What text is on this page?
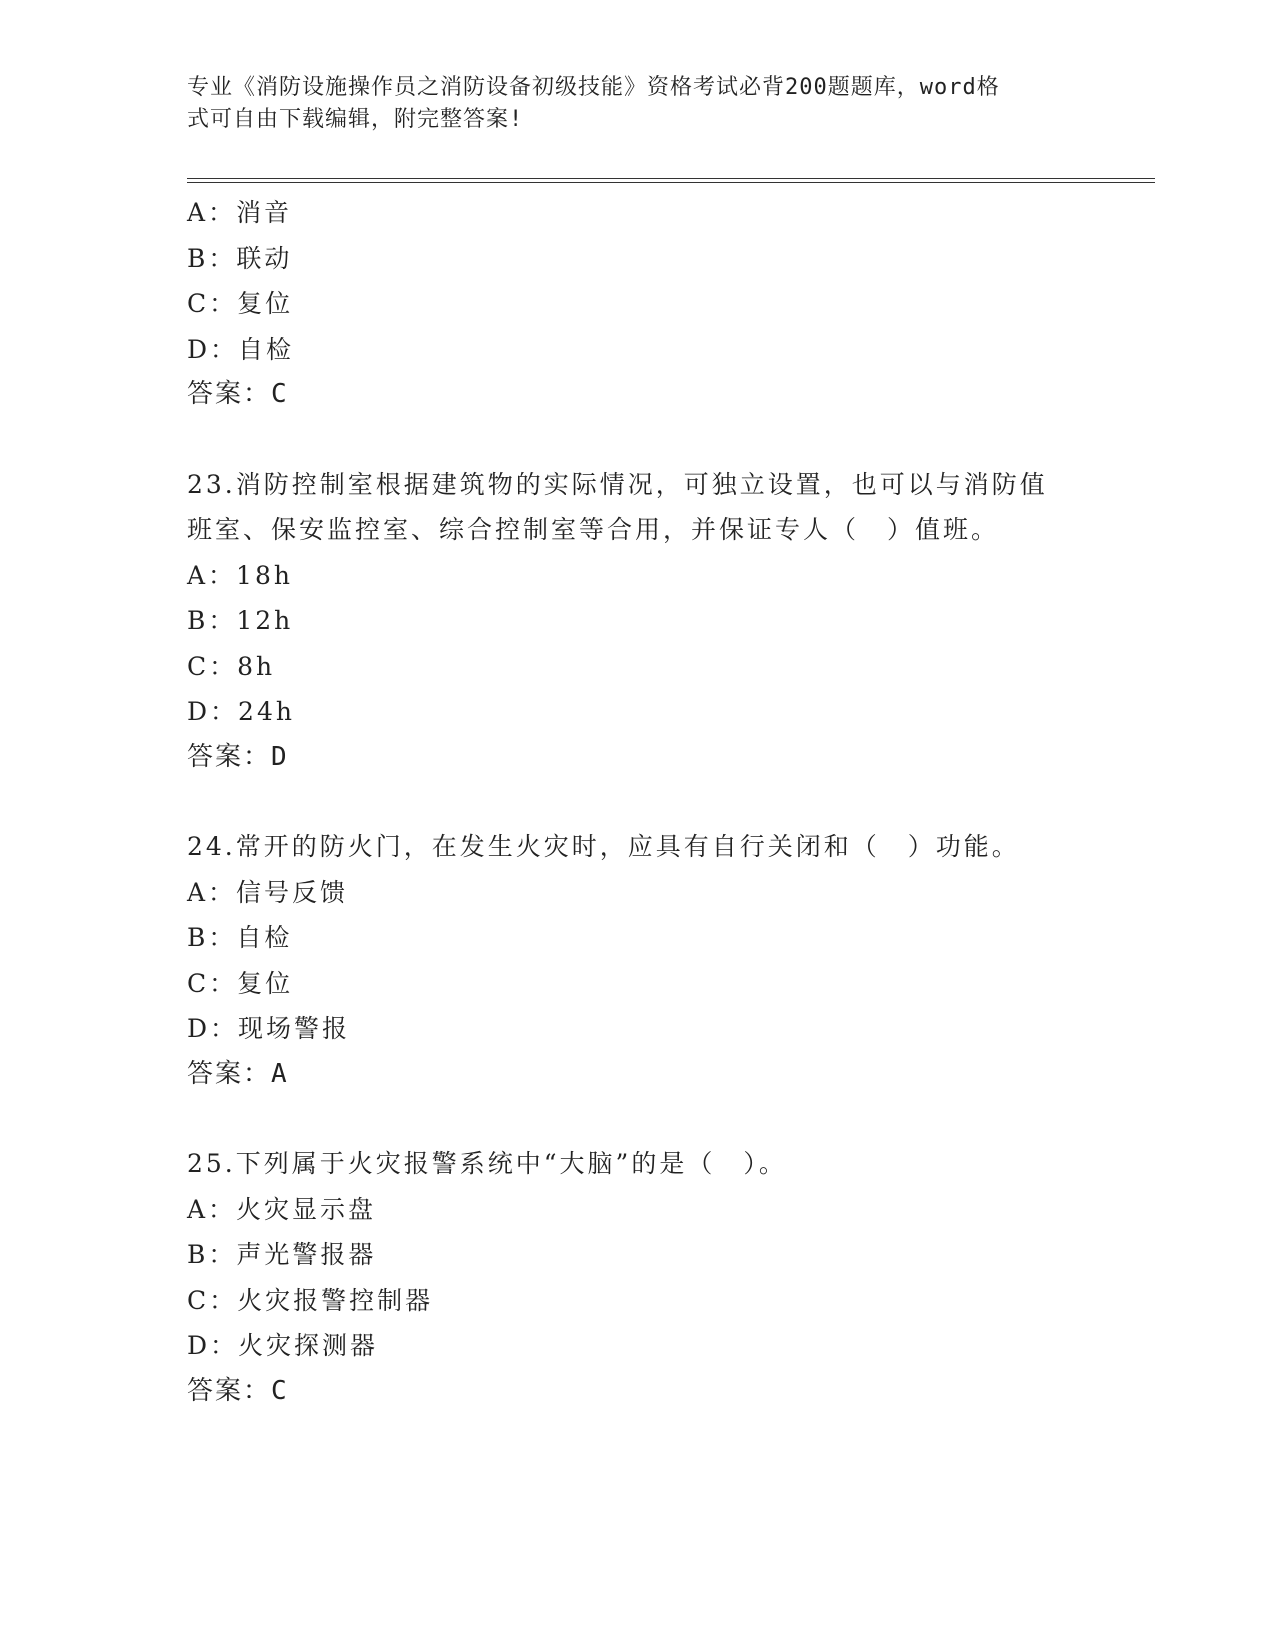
专业《消防设施操作员之消防设备初级技能》资格考试必背200题题库，word格
式可自由下载编辑，附完整答案!
A：消音
B：联动
C：复位
D：自检
答案：C
23.消防控制室根据建筑物的实际情况，可独立设置，也可以与消防值
班室、保安监控室、综合控制室等合用，并保证专人（　）值班。
A：18h
B：12h
C：8h
D：24h
答案：D
24.常开的防火门，在发生火灾时，应具有自行关闭和（　）功能。
A：信号反馈
B：自检
C：复位
D：现场警报
答案：A
25.下列属于火灾报警系统中“大脑”的是（　）。
A：火灾显示盘
B：声光警报器
C：火灾报警控制器
D：火灾探测器
答案：C
